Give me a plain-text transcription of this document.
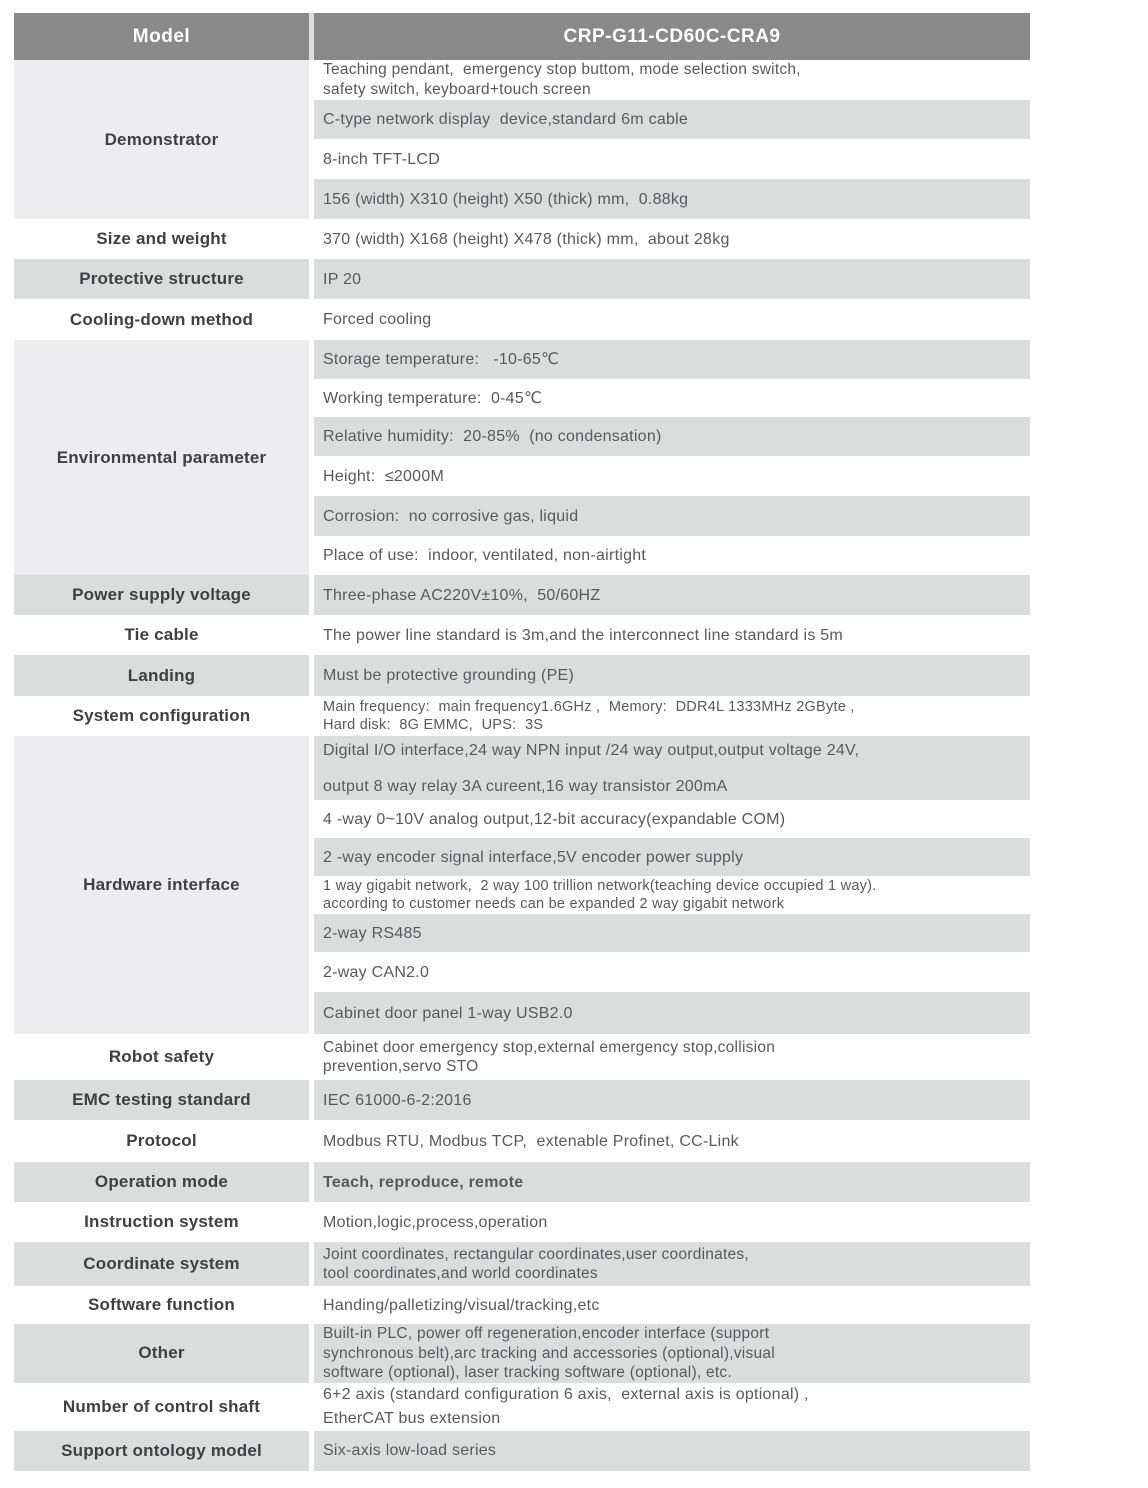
Model	CRP-G11-CD60C-CRA9
Demonstrator	Teaching pendant,  emergency stop buttom, mode selection switch,
safety switch, keyboard+touch screen

	C-type network display  device,standard 6m cable

	8-inch TFT-LCD

	156 (width) X310 (height) X50 (thick) mm,  0.88kg

Size and weight	370 (width) X168 (height) X478 (thick) mm,  about 28kg

Protective structure	IP 20

Cooling-down method	Forced cooling

Environmental parameter	Storage temperature:   -10-65℃

	Working temperature:  0-45℃

	Relative humidity:  20-85%  (no condensation)

	Height:  ≤2000M

	Corrosion:  no corrosive gas, liquid

	Place of use:  indoor, ventilated, non-airtight

Power supply voltage	Three-phase AC220V±10%,  50/60HZ

Tie cable	The power line standard is 3m,and the interconnect line standard is 5m

Landing	Must be protective grounding (PE)

System configuration	Main frequency:  main frequency1.6GHz ,  Memory:  DDR4L 1333MHz 2GByte ,
Hard disk:  8G EMMC,  UPS:  3S

Hardware interface	Digital I/O interface,24 way NPN input /24 way output,output voltage 24V,
output 8 way relay 3A cureent,16 way transistor 200mA

	4 -way 0~10V analog output,12-bit accuracy(expandable COM)

	2 -way encoder signal interface,5V encoder power supply

	1 way gigabit network,  2 way 100 trillion network(teaching device occupied 1 way).
according to customer needs can be expanded 2 way gigabit network

	2-way RS485

	2-way CAN2.0

	Cabinet door panel 1-way USB2.0

Robot safety	Cabinet door emergency stop,external emergency stop,collision
prevention,servo STO

EMC testing standard	IEC 61000-6-2:2016

Protocol	Modbus RTU, Modbus TCP,  extenable Profinet, CC-Link

Operation mode	Teach, reproduce, remote

Instruction system	Motion,logic,process,operation

Coordinate system	Joint coordinates, rectangular coordinates,user coordinates,
tool coordinates,and world coordinates

Software function	Handing/palletizing/visual/tracking,etc

Other	Built-in PLC, power off regeneration,encoder interface (support
synchronous belt),arc tracking and accessories (optional),visual
software (optional), laser tracking software (optional), etc.

Number of control shaft	6+2 axis (standard configuration 6 axis,  external axis is optional) ,
EtherCAT bus extension

Support ontology model	Six-axis low-load series
